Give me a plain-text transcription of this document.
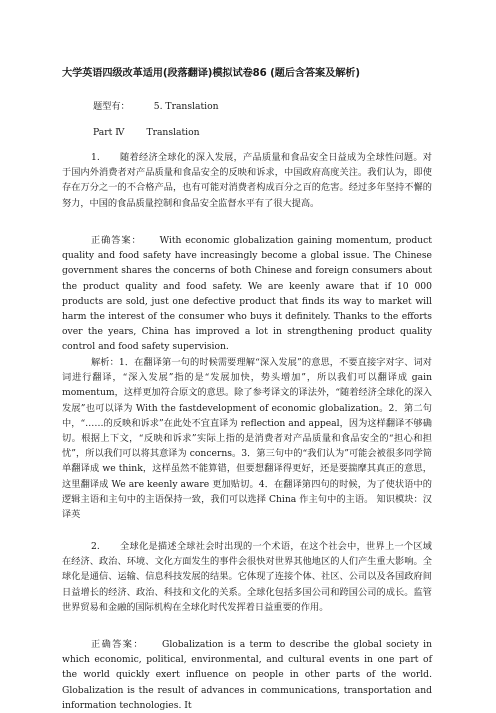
大学英语四级改革适用(段落翻译)模拟试卷86 (题后含答案及解析)
题型有：	5. Translation
Part Ⅳ Translation

1. 随着经济全球化的深入发展，产品质量和食品安全日益成为全球性问题。对于国内外消费者对产品质量和食品安全的反映和诉求，中国政府高度关注。我们认为，即使存在万分之一的不合格产品，也有可能对消费者构成百分之百的危害。经过多年坚持不懈的努力，中国的食品质量控制和食品安全监督水平有了很大提高。

正确答案： With economic globalization gaining momentum, product quality and food safety have increasingly become a global issue. The Chinese government shares the concerns of both Chinese and foreign consumers about the product quality and food safety. We are keenly aware that if 10 000 products are sold, just one defective product that finds its way to market will harm the interest of the consumer who buys it definitely. Thanks to the efforts over the years, China has improved a lot in strengthening product quality control and food safety supervision.

解析：1．在翻译第一句的时候需要理解“深入发展”的意思，不要直接字对字、词对词进行翻译，“深入发展”指的是“发展加快，势头增加”，所以我们可以翻译成 gain momentum，这样更加符合原文的意思。除了参考译文的译法外，“随着经济全球化的深入发展”也可以译为 With the fastdevelopment of economic globalization。2．第二句中，“……的反映和诉求”在此处不宜直译为 reflection and appeal，因为这样翻译不够确切。根据上下文，“反映和诉求”实际上指的是消费者对产品质量和食品安全的“担心和担忧”，所以我们可以将其意译为 concerns。3．第三句中的“我们认为”可能会被很多同学简单翻译成 we think，这样虽然不能算错，但要想翻译得更好，还是要揣摩其真正的意思，这里翻译成 We are keenly aware 更加贴切。4．在翻译第四句的时候，为了使状语中的逻辑主语和主句中的主语保持一致，我们可以选择 China 作主句中的主语。 知识模块：汉译英

2. 全球化是描述全球社会时出现的一个术语，在这个社会中，世界上一个区域在经济、政治、环境、文化方面发生的事件会很快对世界其他地区的人们产生重大影响。全球化是通信、运输、信息科技发展的结果。它体现了连接个体、社区、公司以及各国政府间日益增长的经济、政治、科技和文化的关系。全球化包括多国公司和跨国公司的成长。监管世界贸易和金融的国际机构在全球化时代发挥着日益重要的作用。

正确答案： Globalization is a term to describe the global society in which economic, political, environmental, and cultural events in one part of the world quickly exert influence on people in other parts of the world. Globalization is the result of advances in communications, transportation and information technologies. It
